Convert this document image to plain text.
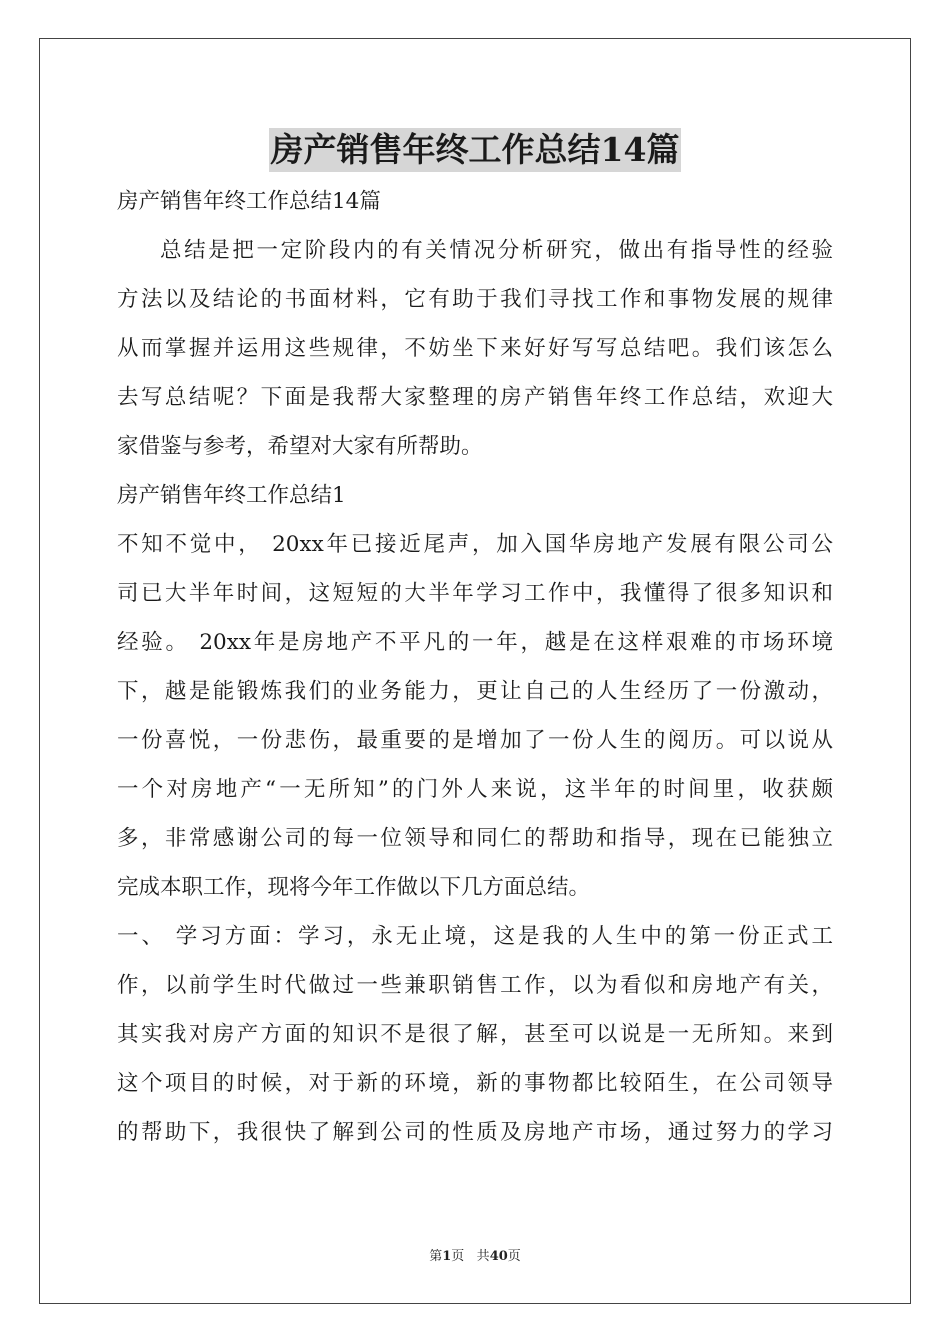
房产销售年终工作总结14篇
房产销售年终工作总结14篇
总结是把一定阶段内的有关情况分析研究，做出有指导性的经验
方法以及结论的书面材料，它有助于我们寻找工作和事物发展的规律
从而掌握并运用这些规律，不妨坐下来好好写写总结吧。我们该怎么
去写总结呢？下面是我帮大家整理的房产销售年终工作总结，欢迎大
家借鉴与参考，希望对大家有所帮助。
房产销售年终工作总结1
不知不觉中， 20xx年已接近尾声，加入国华房地产发展有限公司公
司已大半年时间，这短短的大半年学习工作中，我懂得了很多知识和
经验。 20xx年是房地产不平凡的一年，越是在这样艰难的市场环境
下，越是能锻炼我们的业务能力，更让自己的人生经历了一份激动，
一份喜悦，一份悲伤，最重要的是增加了一份人生的阅历。可以说从
一个对房地产“一无所知”的门外人来说，这半年的时间里，收获颇
多，非常感谢公司的每一位领导和同仁的帮助和指导，现在已能独立
完成本职工作，现将今年工作做以下几方面总结。
一、 学习方面：学习，永无止境，这是我的人生中的第一份正式工
作，以前学生时代做过一些兼职销售工作，以为看似和房地产有关，
其实我对房产方面的知识不是很了解，甚至可以说是一无所知。来到
这个项目的时候，对于新的环境，新的事物都比较陌生，在公司领导
的帮助下，我很快了解到公司的性质及房地产市场，通过努力的学习
第1页 共40页
